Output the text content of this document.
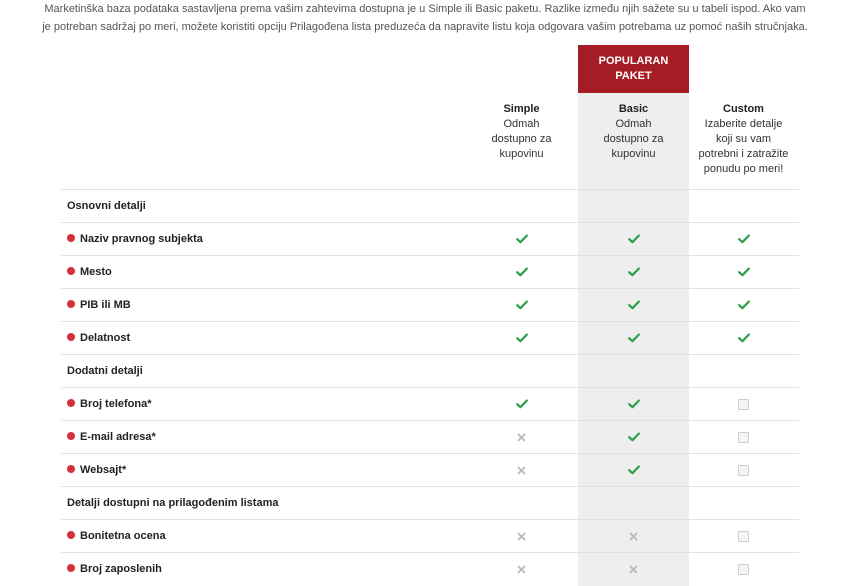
Marketinška baza podataka sastavljena prema vašim zahtevima dostupna je u Simple ili Basic paketu. Razlike između njih sažete su u tabeli ispod. Ako vam je potreban sadržaj po meri, možete koristiti opciju Prilagođena lista preduzeća da napravite listu koja odgovara vašim potrebama uz pomoć naših stručnjaka.
POPULARAN PAKET
Simple
Odmah dostupno za kupovinu
Basic
Odmah dostupno za kupovinu
Custom
Izaberite detalje koji su vam potrebni i zatražite ponudu po meri!
Osnovni detalji
Naziv pravnog subjekta
Mesto
PIB ili MB
Delatnost
Dodatni detalji
Broj telefona*
E-mail adresa*
Websajt*
Detalji dostupni na prilagođenim listama
Bonitetna ocena
Broj zaposlenih
